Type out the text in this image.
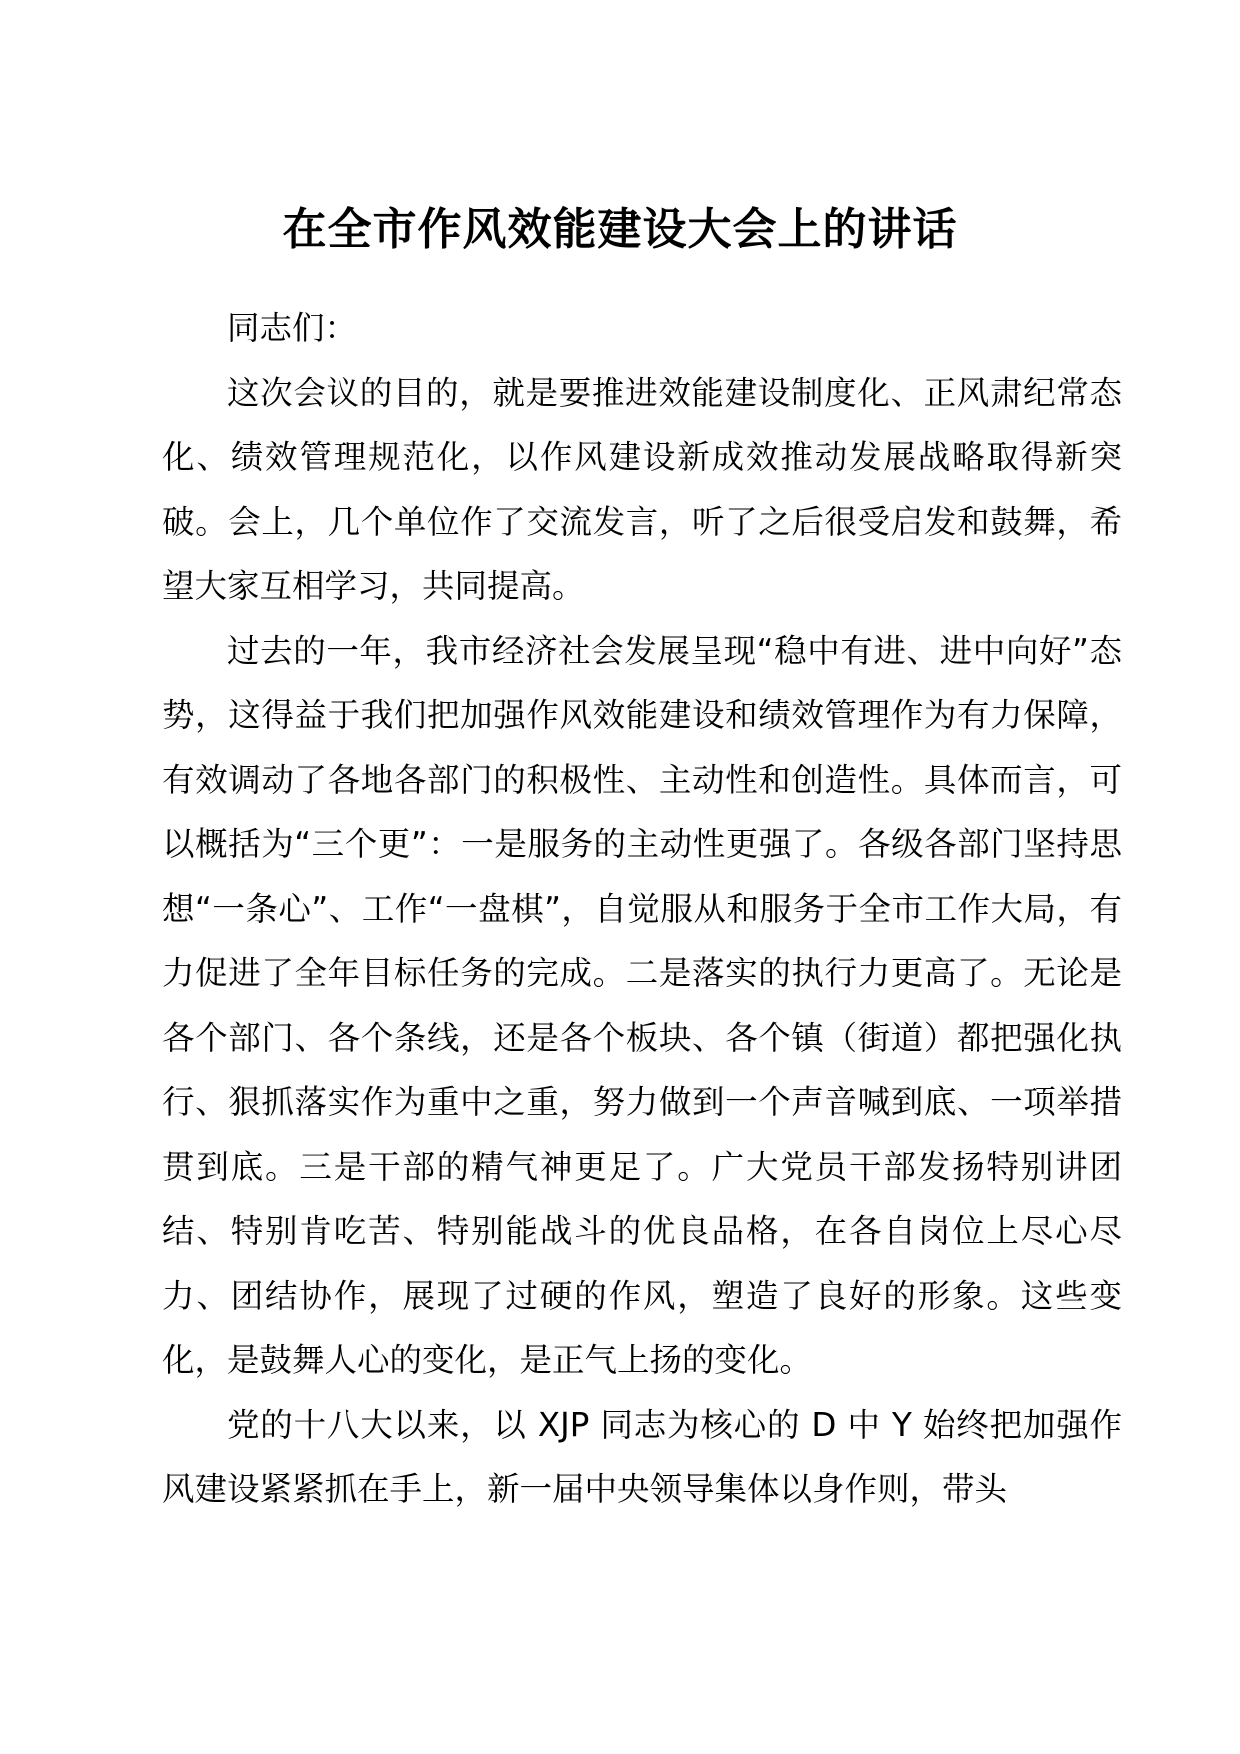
在全市作风效能建设大会上的讲话

同志们：

这次会议的目的，就是要推进效能建设制度化、正风肃纪常态化、绩效管理规范化，以作风建设新成效推动发展战略取得新突破。会上，几个单位作了交流发言，听了之后很受启发和鼓舞，希望大家互相学习，共同提高。

过去的一年，我市经济社会发展呈现“稳中有进、进中向好”态势，这得益于我们把加强作风效能建设和绩效管理作为有力保障，有效调动了各地各部门的积极性、主动性和创造性。具体而言，可以概括为“三个更”：一是服务的主动性更强了。各级各部门坚持思想“一条心”、工作“一盘棋”，自觉服从和服务于全市工作大局，有力促进了全年目标任务的完成。二是落实的执行力更高了。无论是各个部门、各个条线，还是各个板块、各个镇（街道）都把强化执行、狠抓落实作为重中之重，努力做到一个声音喊到底、一项举措贯到底。三是干部的精气神更足了。广大党员干部发扬特别讲团结、特别肯吃苦、特别能战斗的优良品格，在各自岗位上尽心尽力、团结协作，展现了过硬的作风，塑造了良好的形象。这些变化，是鼓舞人心的变化，是正气上扬的变化。

党的十八大以来，以 XJP 同志为核心的 D 中 Y 始终把加强作风建设紧紧抓在手上，新一届中央领导集体以身作则，带头
